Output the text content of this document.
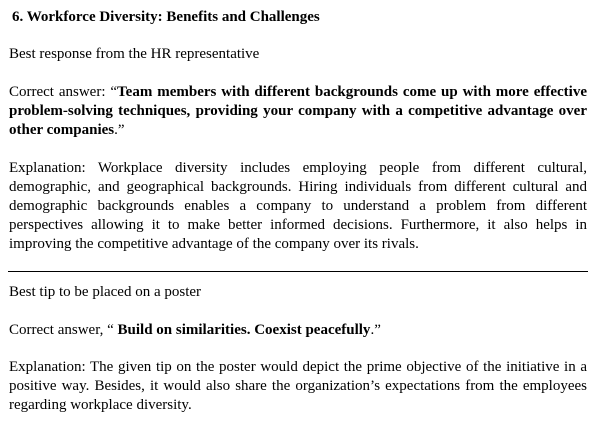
6. Workforce Diversity: Benefits and Challenges

Best response from the HR representative

Correct answer: “Team members with different backgrounds come up with more effective problem-solving techniques, providing your company with a competitive advantage over other companies.”

Explanation: Workplace diversity includes employing people from different cultural, demographic, and geographical backgrounds. Hiring individuals from different cultural and demographic backgrounds enables a company to understand a problem from different perspectives allowing it to make better informed decisions. Furthermore, it also helps in improving the competitive advantage of the company over its rivals.

Best tip to be placed on a poster

Correct answer, “ Build on similarities. Coexist peacefully.”

Explanation: The given tip on the poster would depict the prime objective of the initiative in a positive way. Besides, it would also share the organization’s expectations from the employees regarding workplace diversity.
